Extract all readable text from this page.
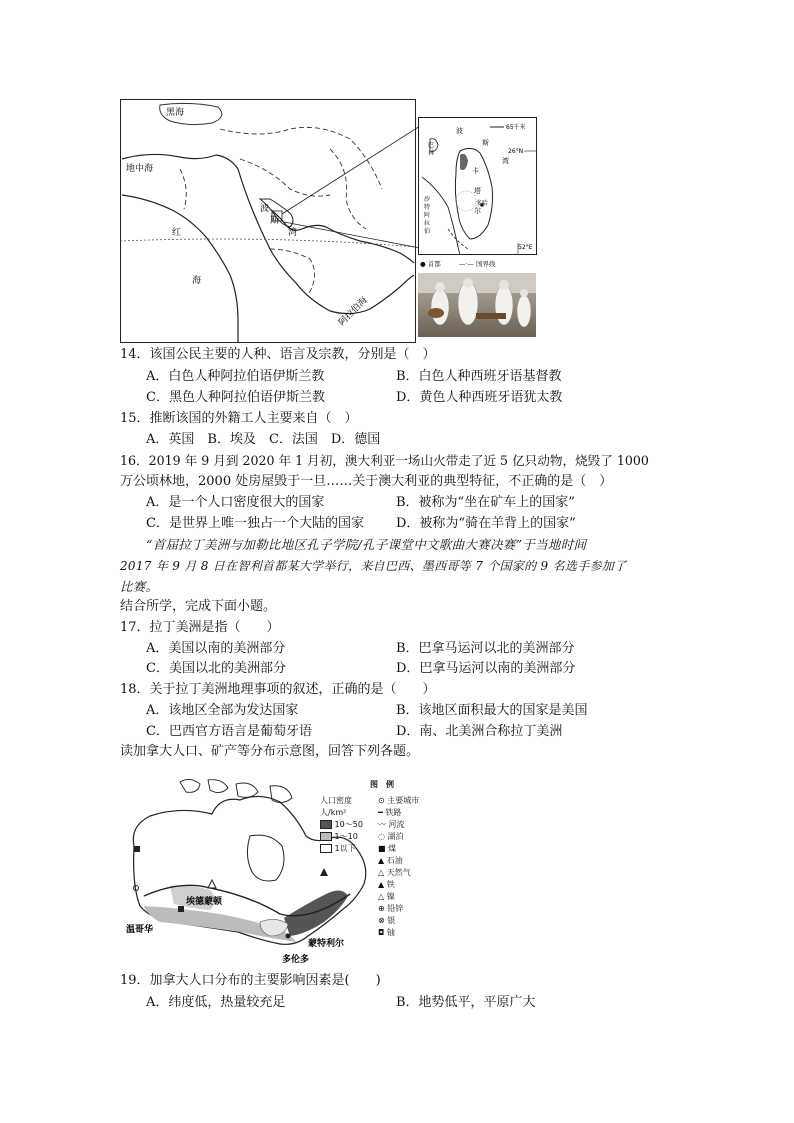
黑海
地中海
红
海
波
斯
湾
阿拉伯海
65千米
波
斯
湾
26°N
52°E
巴
林
卡
塔
尔
多哈
沙
特
阿
拉
伯
● 首都	—·— 国界线
14．该国公民主要的人种、语言及宗教，分别是（　）
A．白色人种阿拉伯语伊斯兰教	B．白色人种西班牙语基督教
C．黑色人种阿拉伯语伊斯兰教	D．黄色人种西班牙语犹太教
15．推断该国的外籍工人主要来自（　）
A．英国　B．埃及　C．法国　D．德国
16．2019 年 9 月到 2020 年 1 月初，澳大利亚一场山火带走了近 5 亿只动物，烧毁了 1000
万公顷林地，2000 处房屋毁于一旦……关于澳大利亚的典型特征，不正确的是（　）
A．是一个人口密度很大的国家	B．被称为“坐在矿车上的国家”
C．是世界上唯一独占一个大陆的国家 D．被称为“骑在羊背上的国家”
“首届拉丁美洲与加勒比地区孔子学院/孔子课堂中文歌曲大赛决赛”于当地时间
2017 年 9 月 8 日在智利首都某大学举行，来自巴西、墨西哥等 7 个国家的 9 名选手参加了
比赛。
结合所学，完成下面小题。
17．拉丁美洲是指（　　）
A．美国以南的美洲部分	B．巴拿马运河以北的美洲部分
C．美国以北的美洲部分	D．巴拿马运河以南的美洲部分
18．关于拉丁美洲地理事项的叙述，正确的是（　　）
A．该地区全部为发达国家	B．该地区面积最大的国家是美国
C．巴西官方语言是葡萄牙语	D．南、北美洲合称拉丁美洲
读加拿大人口、矿产等分布示意图，回答下列各题。
埃德蒙顿
温哥华
蒙特利尔
多伦多
图　例
人口密度
人/km²
10～50
1～10
1以下
⊙ 主要城市
━ 铁路
〰 河流
◌ 湖泊
■ 煤
▲ 石油
△ 天然气
▲ 铁
△ 镍
⊕ 铅锌
⊗ 银
◘ 铀
19．加拿大人口分布的主要影响因素是(　　)
A．纬度低，热量较充足	B．地势低平，平原广大
